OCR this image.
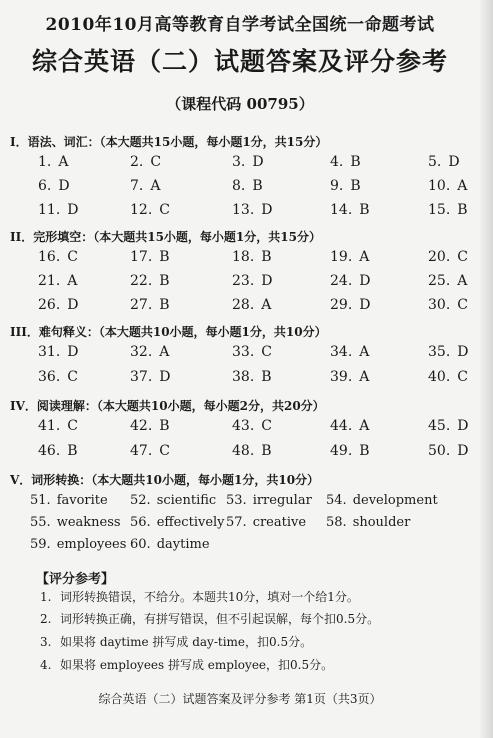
2010年10月高等教育自学考试全国统一命题考试
综合英语（二）试题答案及评分参考
（课程代码 00795）
I．语法、词汇：（本大题共15小题，每小题1分，共15分）
1. A	2. C	3. D	4. B	5. D
6. D	7. A	8. B	9. B	10. A
11. D	12. C	13. D	14. B	15. B
II．完形填空：（本大题共15小题，每小题1分，共15分）
16. C	17. B	18. B	19. A	20. C
21. A	22. B	23. D	24. D	25. A
26. D	27. B	28. A	29. D	30. C
III．难句释义：（本大题共10小题，每小题1分，共10分）
31. D	32. A	33. C	34. A	35. D
36. C	37. D	38. B	39. A	40. C
IV．阅读理解：（本大题共10小题，每小题2分，共20分）
41. C	42. B	43. C	44. A	45. D
46. B	47. C	48. B	49. B	50. D
V．词形转换：（本大题共10小题，每小题1分，共10分）
51. favorite 52. scientific 53. irregular 54. development
55. weakness 56. effectively 57. creative 58. shoulder
59. employees 60. daytime
【评分参考】
1. 词形转换错误，不给分。本题共10分，填对一个给1分。
2. 词形转换正确，有拼写错误，但不引起误解，每个扣0.5分。
3. 如果将 daytime 拼写成 day-time，扣0.5分。
4. 如果将 employees 拼写成 employee，扣0.5分。
综合英语（二）试题答案及评分参考 第1页（共3页）
